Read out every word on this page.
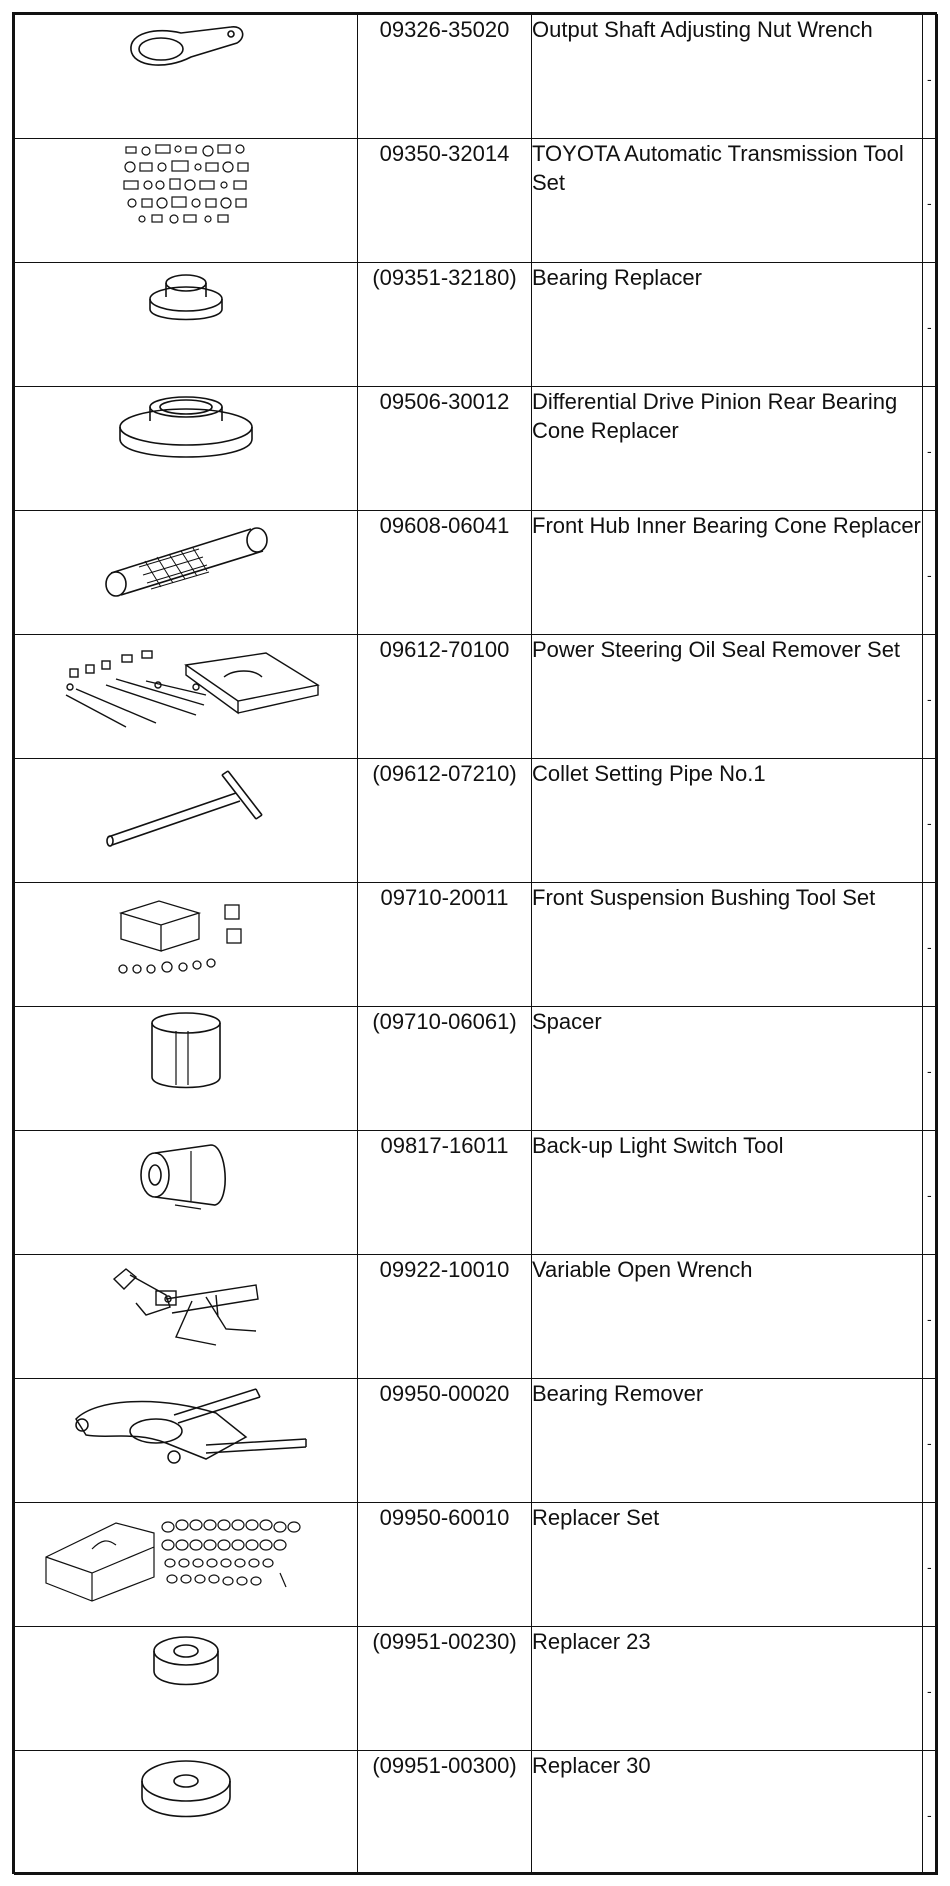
	09326-35020	Output Shaft Adjusting Nut Wrench	-

	09350-32014	TOYOTA Automatic Transmission Tool Set	-

	(09351-32180)	Bearing Replacer	-

	09506-30012	Differential Drive Pinion Rear Bearing Cone Replacer	-

	09608-06041	Front Hub Inner Bearing Cone Replacer	-

	09612-70100	Power Steering Oil Seal Remover Set	-

	(09612-07210)	Collet Setting Pipe No.1	-

	09710-20011	Front Suspension Bushing Tool Set	-

	(09710-06061)	Spacer	-

	09817-16011	Back-up Light Switch Tool	-

	09922-10010	Variable Open Wrench	-

	09950-00020	Bearing Remover	-

	09950-60010	Replacer Set	-

	(09951-00230)	Replacer 23	-

	(09951-00300)	Replacer 30	-
